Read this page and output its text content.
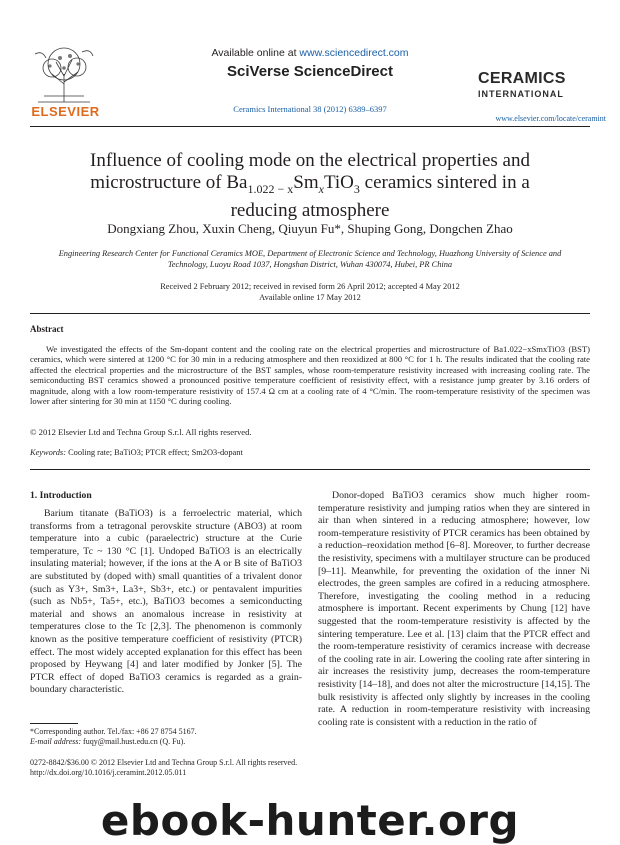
ELSEVIER
Available online at www.sciencedirect.com
SciVerse ScienceDirect
Ceramics International 38 (2012) 6389–6397
CERAMICS
INTERNATIONAL
www.elsevier.com/locate/ceramint
Influence of cooling mode on the electrical properties and
microstructure of $Ba_{1.022 - x}Sm_xTiO_3$ ceramics sintered in a
reducing atmosphere
Dongxiang Zhou, Xuxin Cheng, Qiuyun Fu*, Shuping Gong, Dongchen Zhao
Engineering Research Center for Functional Ceramics MOE, Department of Electronic Science and Technology, Huazhong University of Science and Technology, Luoyu Road 1037, Hongshan District, Wuhan 430074, Hubei, PR China
Received 2 February 2012; received in revised form 26 April 2012; accepted 4 May 2012
Available online 17 May 2012
Abstract
We investigated the effects of the Sm-dopant content and the cooling rate on the electrical properties and microstructure of Ba1.022−xSmxTiO3 (BST) ceramics, which were sintered at 1200 °C for 30 min in a reducing atmosphere and then reoxidized at 800 °C for 1 h. The results indicated that the cooling rate affected the electrical properties and the microstructure of the BST samples, whose room-temperature resistivity increased with increasing cooling rate. The semiconducting BST ceramics showed a pronounced positive temperature coefficient of resistivity effect, with a resistance jump greater by 3.16 orders of magnitude, along with a low room-temperature resistivity of 157.4 Ω cm at a cooling rate of 4 °C/min. The room-temperature resistivity of the specimen was lower after sintering for 30 min at 1150 °C during cooling.
© 2012 Elsevier Ltd and Techna Group S.r.l. All rights reserved.
Keywords: Cooling rate; BaTiO3; PTCR effect; Sm2O3-dopant
1. Introduction
Barium titanate (BaTiO3) is a ferroelectric material, which transforms from a tetragonal perovskite structure (ABO3) at room temperature into a cubic (paraelectric) structure at the Curie temperature, Tc ~ 130 °C [1]. Undoped BaTiO3 is an electrically insulating material; however, if the ions at the A or B site of BaTiO3 are substituted by (doped with) small quantities of a trivalent donor (such as Y3+, Sm3+, La3+, Sb3+, etc.) or pentavalent impurities (such as Nb5+, Ta5+, etc.), BaTiO3 becomes a semiconducting material and shows an anomalous increase in resistivity at temperatures close to the Tc [2,3]. The phenomenon is commonly known as the positive temperature coefficient of resistivity (PTCR) effect. The most widely accepted explanation for this effect has been proposed by Heywang [4] and later modified by Jonker [5]. The PTCR effect of doped BaTiO3 ceramics is regarded as a grain-boundary characteristic.
Donor-doped BaTiO3 ceramics show much higher room-temperature resistivity and jumping ratios when they are sintered in air than when sintered in a reducing atmosphere; however, low room-temperature resistivity of PTCR ceramics has been obtained by a reduction–reoxidation method [6–8]. Moreover, to further decrease the resistivity, specimens with a multilayer structure can be produced [9–11]. Meanwhile, for preventing the oxidation of the inner Ni electrodes, the green samples are cofired in a reducing atmosphere. Therefore, investigating the cooling method in a reducing atmosphere is important. Recent experiments by Chung [12] have suggested that the room-temperature resistivity is affected by the sintering temperature. Lee et al. [13] claim that the PTCR effect and the room-temperature resistivity of ceramics increase with decrease of the cooling rate in air. Lowering the cooling rate after sintering in air increases the resistivity jump, decreases the room-temperature resistivity [14–18], and does not alter the microstructure [14,15]. The bulk resistivity is affected only slightly by increases in the cooling rate. A reduction in room-temperature resistivity with increasing cooling rate is consistent with a reduction in the ratio of
*Corresponding author. Tel./fax: +86 27 8754 5167.
E-mail address: fuqy@mail.hust.edu.cn (Q. Fu).
0272-8842/$36.00 © 2012 Elsevier Ltd and Techna Group S.r.l. All rights reserved.
http://dx.doi.org/10.1016/j.ceramint.2012.05.011
ebook-hunter.org
